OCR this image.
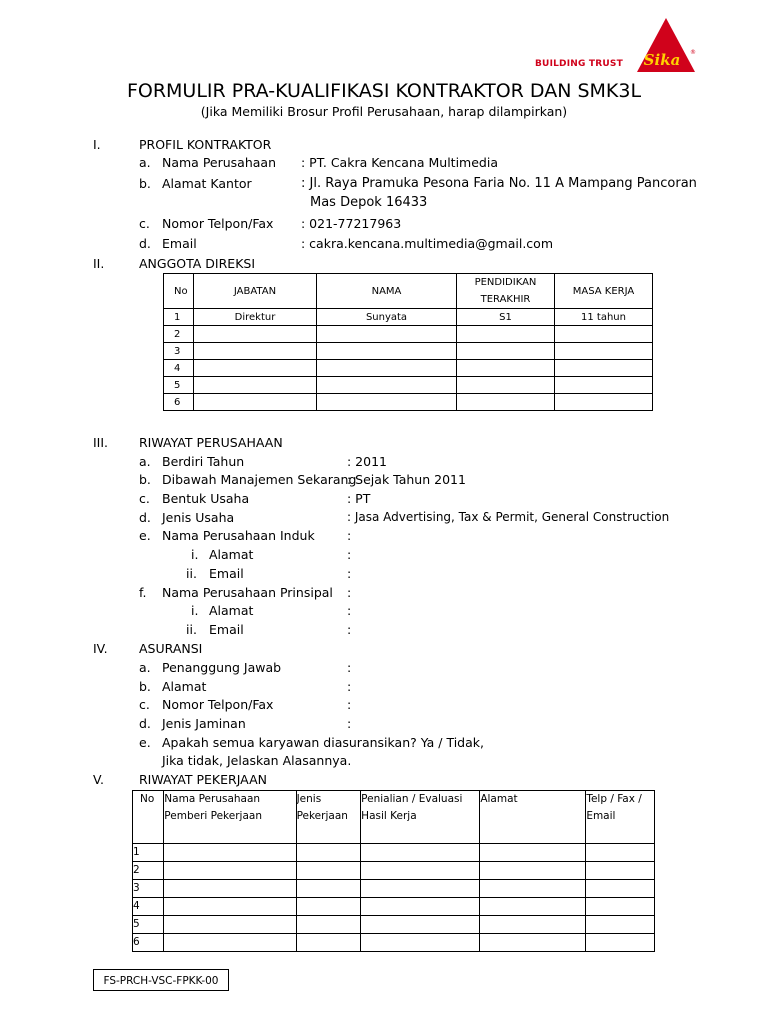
BUILDING TRUST Sika ®
FORMULIR PRA-KUALIFIKASI KONTRAKTOR DAN SMK3L
(Jika Memiliki Brosur Profil Perusahaan, harap dilampirkan)
I.	PROFIL KONTRAKTOR
a. Nama Perusahaan : PT. Cakra Kencana Multimedia
b. Alamat Kantor	: Jl. Raya Pramuka Pesona Faria No. 11 A Mampang Pancoran
Mas Depok 16433
c. Nomor Telpon/Fax : 021-77217963
d. Email	: cakra.kencana.multimedia@gmail.com
II.	ANGGOTA DIREKSI
No	JABATAN	NAMA	PENDIDIKAN TERAKHIR	MASA KERJA
1	Direktur	Sunyata	S1	11 tahun
2				
3				
4				
5				
6				
III. RIWAYAT PERUSAHAAN
a. Berdiri Tahun	: 2011
b. Dibawah Manajemen Sekarang
: Sejak Tahun 2011
c. Bentuk Usaha	: PT
d. Jenis Usaha	: Jasa Advertising, Tax & Permit, General Construction
e. Nama Perusahaan Induk	:
i. Alamat	:
ii. Email	:
f. Nama Perusahaan Prinsipal :
i. Alamat	:
ii. Email	:
IV.	ASURANSI
a. Penanggung Jawab	:
b. Alamat	:
c. Nomor Telpon/Fax	:
d. Jenis Jaminan	:
e. Apakah semua karyawan diasuransikan? Ya / Tidak,
Jika tidak, Jelaskan Alasannya.
V.	RIWAYAT PEKERJAAN
No	Nama Perusahaan Pemberi Pekerjaan	Jenis Pekerjaan	Penialian / Evaluasi Hasil Kerja	Alamat	Telp / Fax / Email
1					
2					
3					
4					
5					
6					
FS-PRCH-VSC-FPKK-00
